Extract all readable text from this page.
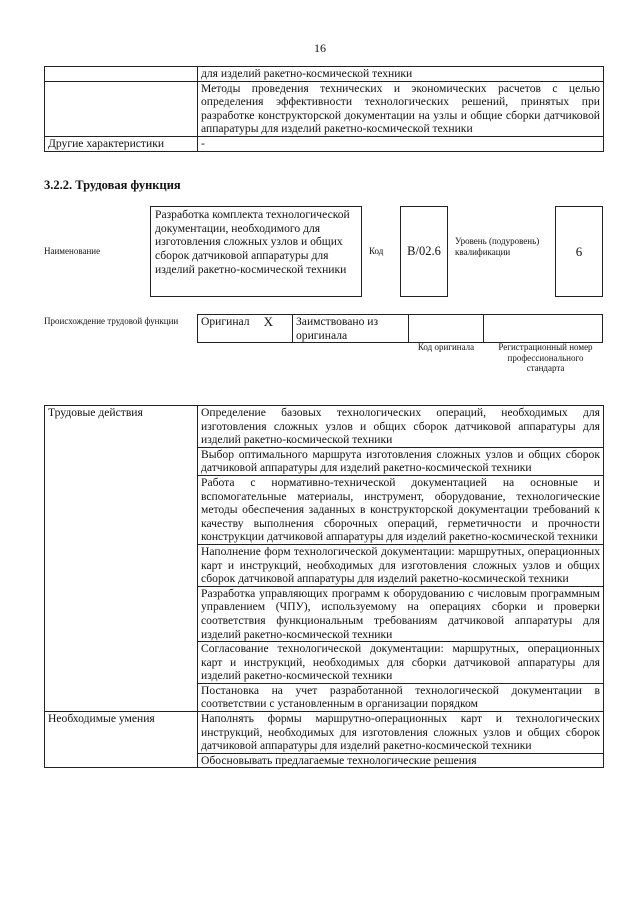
16
	для изделий ракетно-космической техники
	Методы проведения технических и экономических расчетов с целью определения эффективности технологических решений, принятых при разработке конструкторской документации на узлы и общие сборки датчиковой аппаратуры для изделий ракетно-космической техники
Другие характеристики	-
3.2.2. Трудовая функция
Наименование
Разработка комплекта технологической документации, необходимого для изготовления сложных узлов и общих сборок датчиковой аппаратуры для изделий ракетно-космической техники
Код	B/02.6
Уровень (подуровень) квалификации	6
Происхождение трудовой функции	Оригинал X	Заимствовано из оригинала		
Код оригинала	Регистрационный номер профессионального стандарта
Трудовые действия	Определение базовых технологических операций, необходимых для изготовления сложных узлов и общих сборок датчиковой аппаратуры для изделий ракетно-космической техники
	Выбор оптимального маршрута изготовления сложных узлов и общих сборок датчиковой аппаратуры для изделий ракетно-космической техники
	Работа с нормативно-технической документацией на основные и вспомогательные материалы, инструмент, оборудование, технологические методы обеспечения заданных в конструкторской документации требований к качеству выполнения сборочных операций, герметичности и прочности конструкции датчиковой аппаратуры для изделий ракетно-космической техники
	Наполнение форм технологической документации: маршрутных, операционных карт и инструкций, необходимых для изготовления сложных узлов и общих сборок датчиковой аппаратуры для изделий ракетно-космической техники
	Разработка управляющих программ к оборудованию с числовым программным управлением (ЧПУ), используемому на операциях сборки и проверки соответствия функциональным требованиям датчиковой аппаратуры для изделий ракетно-космической техники
	Согласование технологической документации: маршрутных, операционных карт и инструкций, необходимых для сборки датчиковой аппаратуры для изделий ракетно-космической техники
	Постановка на учет разработанной технологической документации в соответствии с установленным в организации порядком
Необходимые умения	Наполнять формы маршрутно-операционных карт и технологических инструкций, необходимых для изготовления сложных узлов и общих сборок датчиковой аппаратуры для изделий ракетно-космической техники
	Обосновывать предлагаемые технологические решения
